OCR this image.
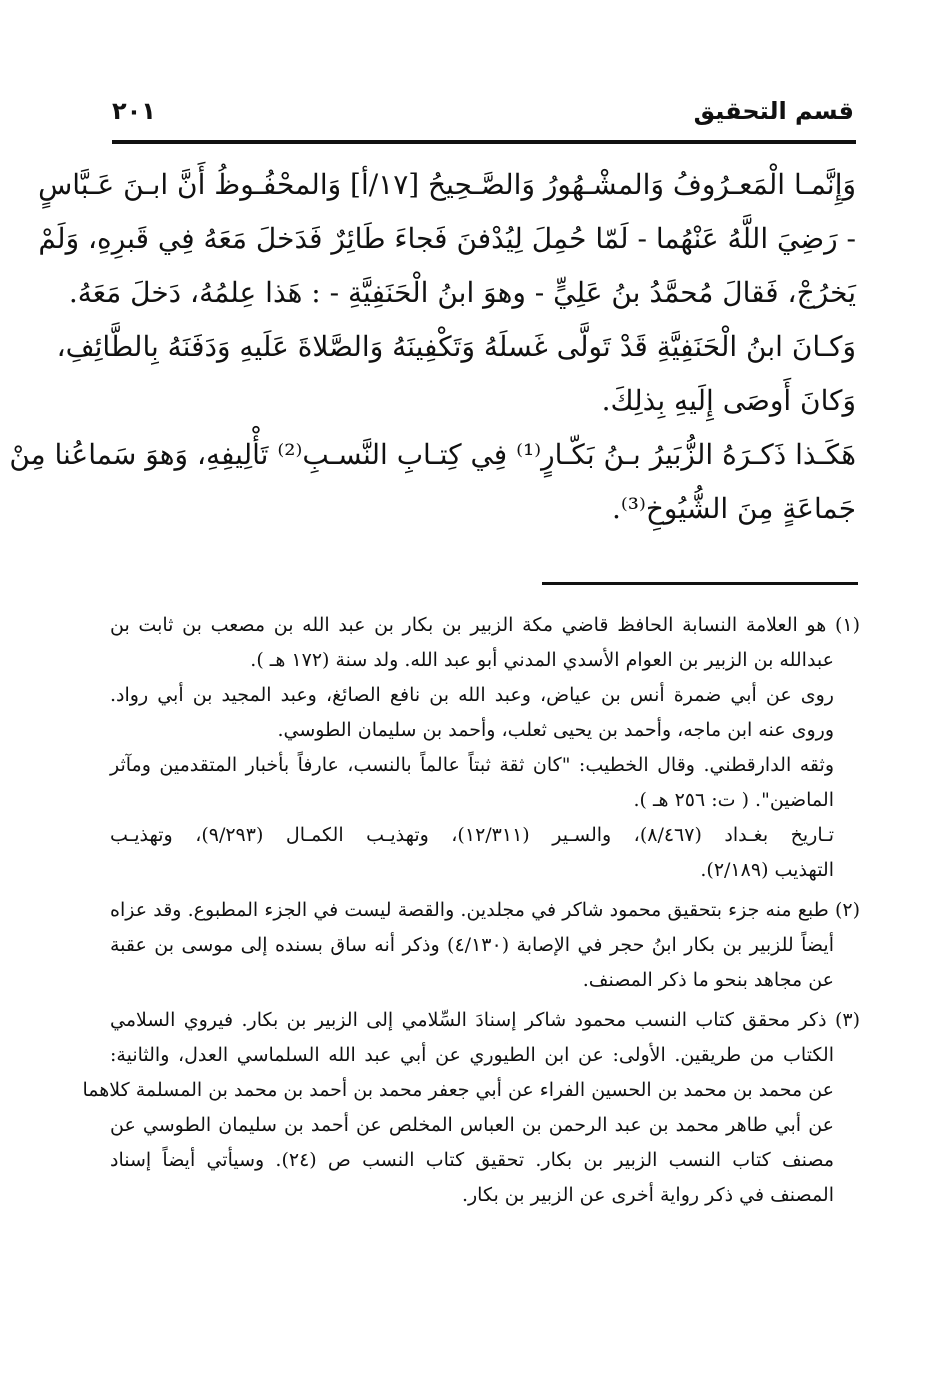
قسم التحقيق
٢٠١
وَإِنَّمـا الْمَعـرُوفُ وَالمشْـهُورُ وَالصَّـحِيحُ [١٧/أ] وَالمحْفُـوظُ أَنَّ ابـنَ عَـبَّاسٍ
- رَضِيَ اللَّهُ عَنْهُما - لَمّا حُمِلَ لِيُدْفنَ فَجاءَ طَائِرٌ فَدَخلَ مَعَهُ فِي قَبرِهِ، وَلَمْ
يَخرُجْ، فَقالَ مُحمَّدُ بنُ عَلِيٍّ - وهوَ ابنُ الْحَنَفِيَّةِ - : هَذا عِلمُهُ، دَخلَ مَعَهُ.
وَكـانَ ابنُ الْحَنَفِيَّةِ قَدْ تَولَّى غَسلَهُ وَتَكْفِينَهُ وَالصَّلاةَ عَلَيهِ وَدَفَنَهُ بِالطَّائِفِ،
وَكانَ أَوصَى إِلَيهِ بِذلِكَ.
هَكَـذا ذَكـرَهُ الزُّبَيرُ بـنُ بَكّـارٍ⁽¹⁾ فِي كِتـابِ النَّسـبِ⁽²⁾ تَأْلِيفِهِ، وَهوَ سَماعُنا مِنْ
جَماعَةٍ مِنَ الشُّيُوخِ⁽³⁾.
(١) هو العلامة النسابة الحافظ قاضي مكة الزبير بن بكار بن عبد الله بن مصعب بن ثابت بن
عبدالله بن الزبير بن العوام الأسدي المدني أبو عبد الله. ولد سنة (١٧٢ هـ ).
روى عن أبي ضمرة أنس بن عياض، وعبد الله بن نافع الصائغ، وعبد المجيد بن أبي رواد.
وروى عنه ابن ماجه، وأحمد بن يحيى ثعلب، وأحمد بن سليمان الطوسي.
وثقه الدارقطني. وقال الخطيب: "كان ثقة ثبتاً عالماً بالنسب، عارفاً بأخبار المتقدمين ومآثر
الماضين". ( ت: ٢٥٦ هـ ).
تـاريخ بغـداد (٨/٤٦٧)، والسـير (١٢/٣١١)، وتهذيـب الكمـال (٩/٢٩٣)، وتهذيـب
التهذيب (٢/١٨٩).
(٢) طبع منه جزء بتحقيق محمود شاكر في مجلدين. والقصة ليست في الجزء المطبوع. وقد عزاه
أيضاً للزبير بن بكار ابنُ حجر في الإصابة (٤/١٣٠) وذكر أنه ساق بسنده إلى موسى بن عقبة
عن مجاهد بنحو ما ذكر المصنف.
(٣) ذكر محقق كتاب النسب محمود شاكر إسنادَ السِّلامي إلى الزبير بن بكار. فيروي السلامي
الكتاب من طريقين. الأولى: عن ابن الطيوري عن أبي عبد الله السلماسي العدل، والثانية:
عن محمد بن محمد بن الحسين الفراء عن أبي جعفر محمد بن أحمد بن محمد بن المسلمة كلاهما
عن أبي طاهر محمد بن عبد الرحمن بن العباس المخلص عن أحمد بن سليمان الطوسي عن
مصنف كتاب النسب الزبير بن بكار. تحقيق كتاب النسب ص (٢٤). وسيأتي أيضاً إسناد
المصنف في ذكر رواية أخرى عن الزبير بن بكار.
